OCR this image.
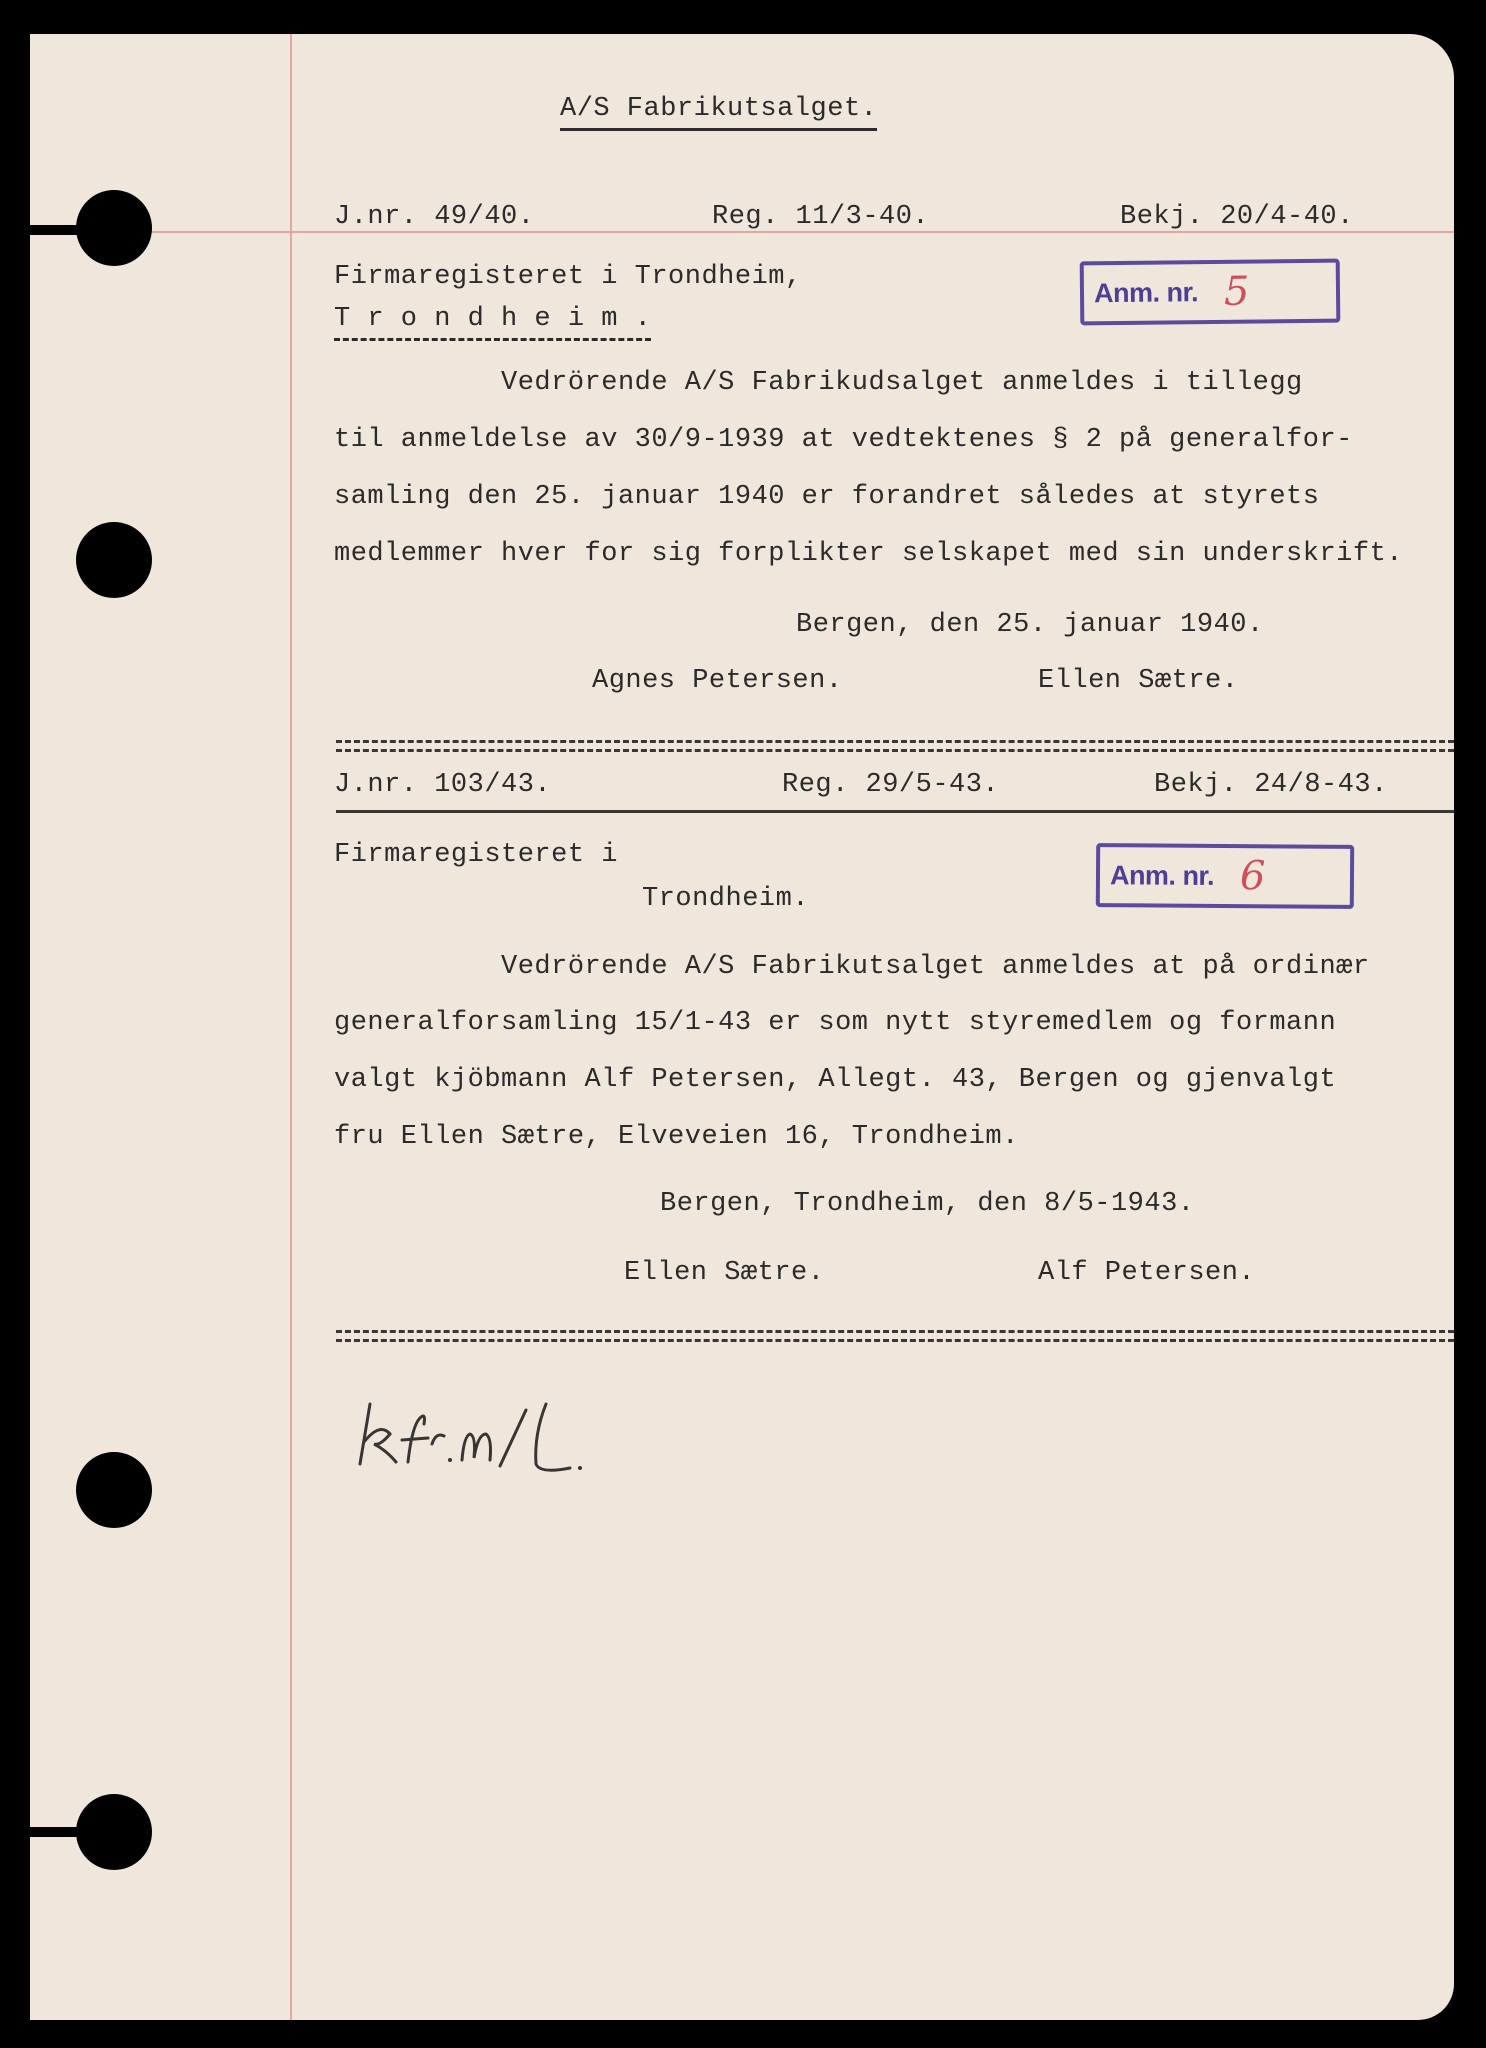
A/S Fabrikutsalget.
J.nr. 49/40.	Reg. 11/3-40.	Bekj. 20/4-40.
Firmaregisteret i Trondheim,
T r o n d h e i m .
Anm. nr. 5
Vedrörende A/S Fabrikudsalget anmeldes i tillegg
til anmeldelse av 30/9-1939 at vedtektenes § 2 på generalfor-
samling den 25. januar 1940 er forandret således at styrets
medlemmer hver for sig forplikter selskapet med sin underskrift.
Bergen, den 25. januar 1940.
Agnes Petersen.	Ellen Sætre.
J.nr. 103/43.	Reg. 29/5-43.	Bekj. 24/8-43.
Firmaregisteret i
Trondheim.
Anm. nr. 6
Vedrörende A/S Fabrikutsalget anmeldes at på ordinær
generalforsamling 15/1-43 er som nytt styremedlem og formann
valgt kjöbmann Alf Petersen, Allegt. 43, Bergen og gjenvalgt
fru Ellen Sætre, Elveveien 16, Trondheim.
Bergen, Trondheim, den 8/5-1943.
Ellen Sætre.	Alf Petersen.
